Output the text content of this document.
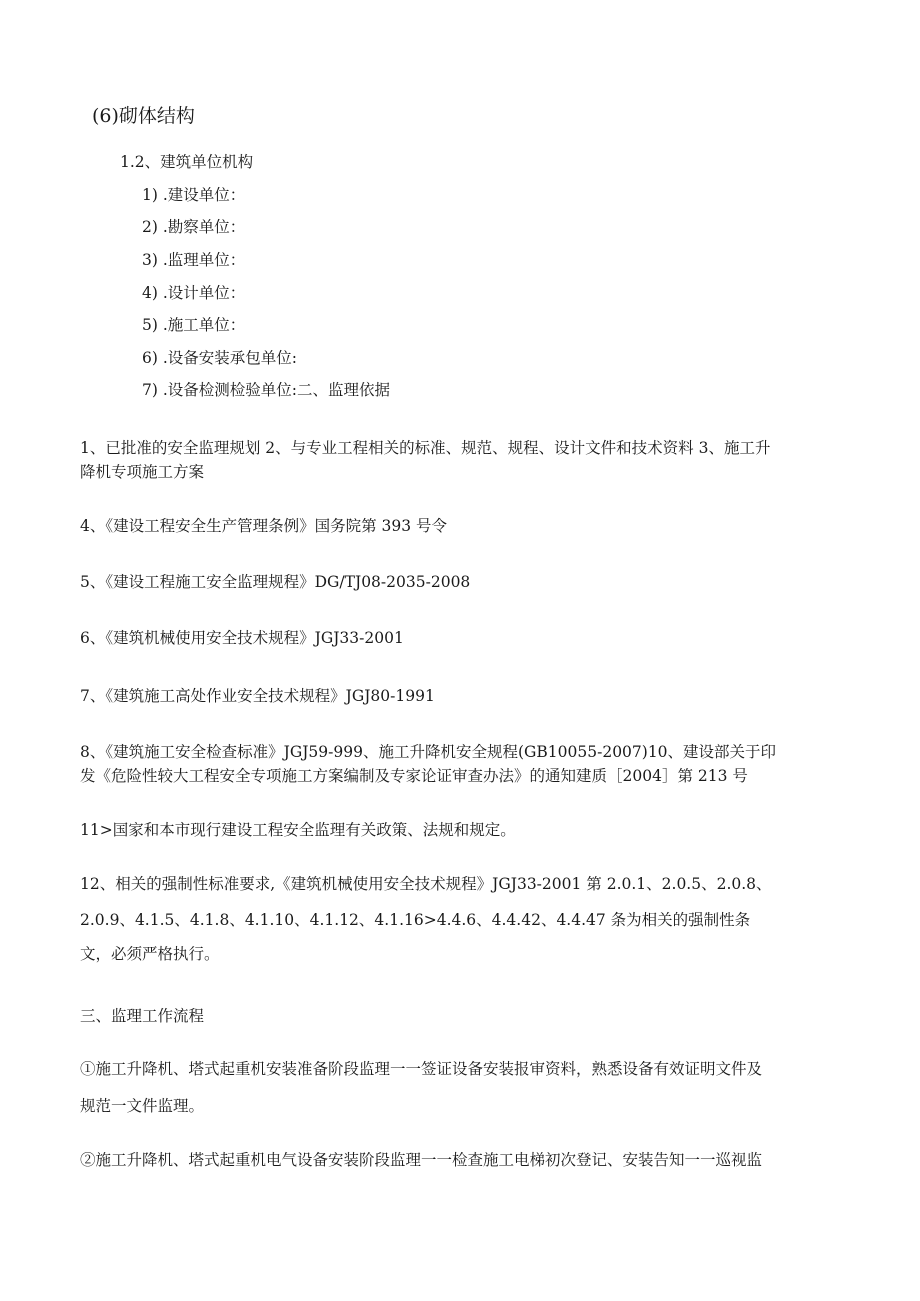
(6)砌体结构
1.2、建筑单位机构
1) .建设单位：
2) .勘察单位：
3) .监理单位：
4) .设计单位：
5) .施工单位：
6) .设备安装承包单位:
7) .设备检测检验单位:二、监理依据
1、已批准的安全监理规划 2、与专业工程相关的标准、规范、规程、设计文件和技术资料 3、施工升
降机专项施工方案
4、《建设工程安全生产管理条例》国务院第 393 号令
5、《建设工程施工安全监理规程》DG/TJ08-2035-2008
6、《建筑机械使用安全技术规程》JGJ33-2001
7、《建筑施工高处作业安全技术规程》JGJ80-1991
8、《建筑施工安全检查标准》JGJ59-999、施工升降机安全规程(GB10055-2007)10、建设部关于印
发《危险性较大工程安全专项施工方案编制及专家论证审查办法》的通知建质［2004］第 213 号
11>国家和本市现行建设工程安全监理有关政策、法规和规定。
12、相关的强制性标准要求,《建筑机械使用安全技术规程》JGJ33-2001 第 2.0.1、2.0.5、2.0.8、
2.0.9、4.1.5、4.1.8、4.1.10、4.1.12、4.1.16>4.4.6、4.4.42、4.4.47 条为相关的强制性条
文，必须严格执行。
三、监理工作流程
①施工升降机、塔式起重机安装准备阶段监理一一签证设备安装报审资料，熟悉设备有效证明文件及
规范一文件监理。
②施工升降机、塔式起重机电气设备安装阶段监理一一检查施工电梯初次登记、安装告知一一巡视监
